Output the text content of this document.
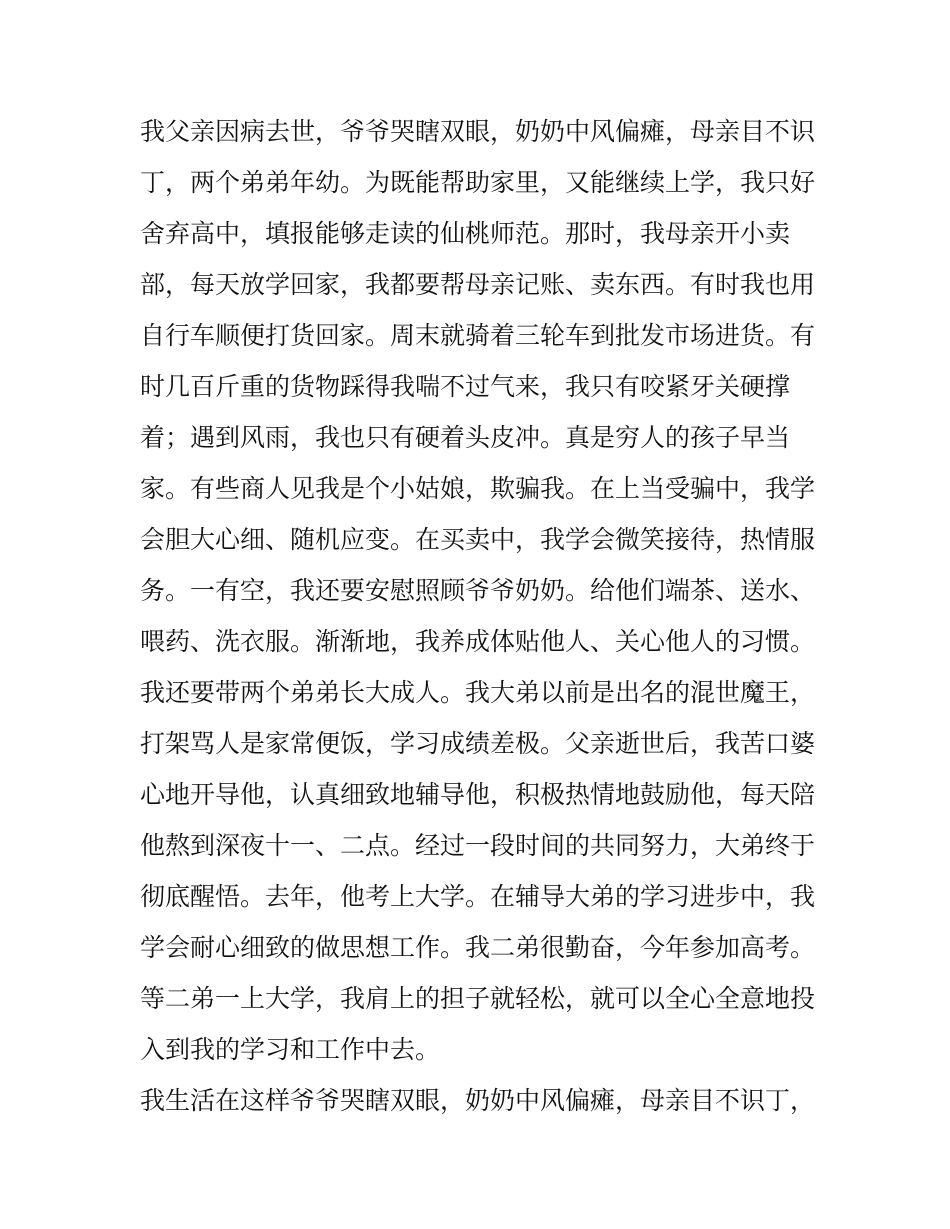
我父亲因病去世，爷爷哭瞎双眼，奶奶中风偏瘫，母亲目不识
丁，两个弟弟年幼。为既能帮助家里，又能继续上学，我只好
舍弃高中，填报能够走读的仙桃师范。那时，我母亲开小卖
部，每天放学回家，我都要帮母亲记账、卖东西。有时我也用
自行车顺便打货回家。周末就骑着三轮车到批发市场进货。有
时几百斤重的货物踩得我喘不过气来，我只有咬紧牙关硬撑
着；遇到风雨，我也只有硬着头皮冲。真是穷人的孩子早当
家。有些商人见我是个小姑娘，欺骗我。在上当受骗中，我学
会胆大心细、随机应变。在买卖中，我学会微笑接待，热情服
务。一有空，我还要安慰照顾爷爷奶奶。给他们端茶、送水、
喂药、洗衣服。渐渐地，我养成体贴他人、关心他人的习惯。
我还要带两个弟弟长大成人。我大弟以前是出名的混世魔王，
打架骂人是家常便饭，学习成绩差极。父亲逝世后，我苦口婆
心地开导他，认真细致地辅导他，积极热情地鼓励他，每天陪
他熬到深夜十一、二点。经过一段时间的共同努力，大弟终于
彻底醒悟。去年，他考上大学。在辅导大弟的学习进步中，我
学会耐心细致的做思想工作。我二弟很勤奋，今年参加高考。
等二弟一上大学，我肩上的担子就轻松，就可以全心全意地投
入到我的学习和工作中去。
我生活在这样爷爷哭瞎双眼，奶奶中风偏瘫，母亲目不识丁，
